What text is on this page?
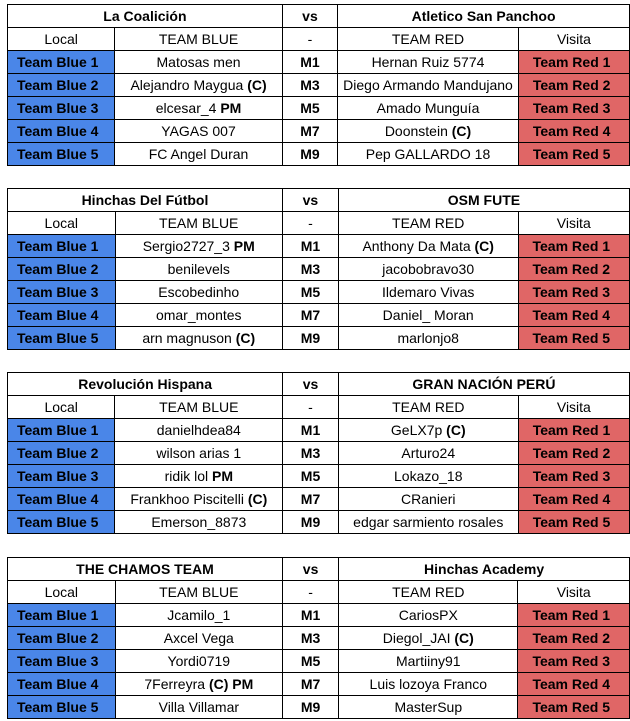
La Coalición		vs	Atletico San Panchoo	
Local	TEAM BLUE	-	TEAM RED	Visita
Team Blue 1	Matosas men	M1	Hernan Ruiz 5774	Team Red 1
Team Blue 2	Alejandro Maygua (C)	M3	Diego Armando Mandujano	Team Red 2
Team Blue 3	elcesar_4 PM	M5	Amado Munguía	Team Red 3
Team Blue 4	YAGAS 007	M7	Doonstein (C)	Team Red 4
Team Blue 5	FC Angel Duran	M9	Pep GALLARDO 18	Team Red 5
Hinchas Del Fútbol		vs	OSM FUTE	
Local	TEAM BLUE	-	TEAM RED	Visita
Team Blue 1	Sergio2727_3 PM	M1	Anthony Da Mata (C)	Team Red 1
Team Blue 2	benilevels	M3	jacobobravo30	Team Red 2
Team Blue 3	Escobedinho	M5	Ildemaro Vivas	Team Red 3
Team Blue 4	omar_montes	M7	Daniel_ Moran	Team Red 4
Team Blue 5	arn magnuson (C)	M9	marlonjo8	Team Red 5
Revolución Hispana		vs	GRAN NACIÓN PERÚ	
Local	TEAM BLUE	-	TEAM RED	Visita
Team Blue 1	danielhdea84	M1	GeLX7p (C)	Team Red 1
Team Blue 2	wilson arias 1	M3	Arturo24	Team Red 2
Team Blue 3	ridik lol PM	M5	Lokazo_18	Team Red 3
Team Blue 4	Frankhoo Piscitelli (C)	M7	CRanieri	Team Red 4
Team Blue 5	Emerson_8873	M9	edgar sarmiento rosales	Team Red 5
THE CHAMOS TEAM		vs	Hinchas Academy	
Local	TEAM BLUE	-	TEAM RED	Visita
Team Blue 1	Jcamilo_1	M1	CariosPX	Team Red 1
Team Blue 2	Axcel Vega	M3	Diegol_JAI (C)	Team Red 2
Team Blue 3	Yordi0719	M5	Martiiny91	Team Red 3
Team Blue 4	7Ferreyra (C) PM	M7	Luis lozoya Franco	Team Red 4
Team Blue 5	Villa Villamar	M9	MasterSup	Team Red 5
